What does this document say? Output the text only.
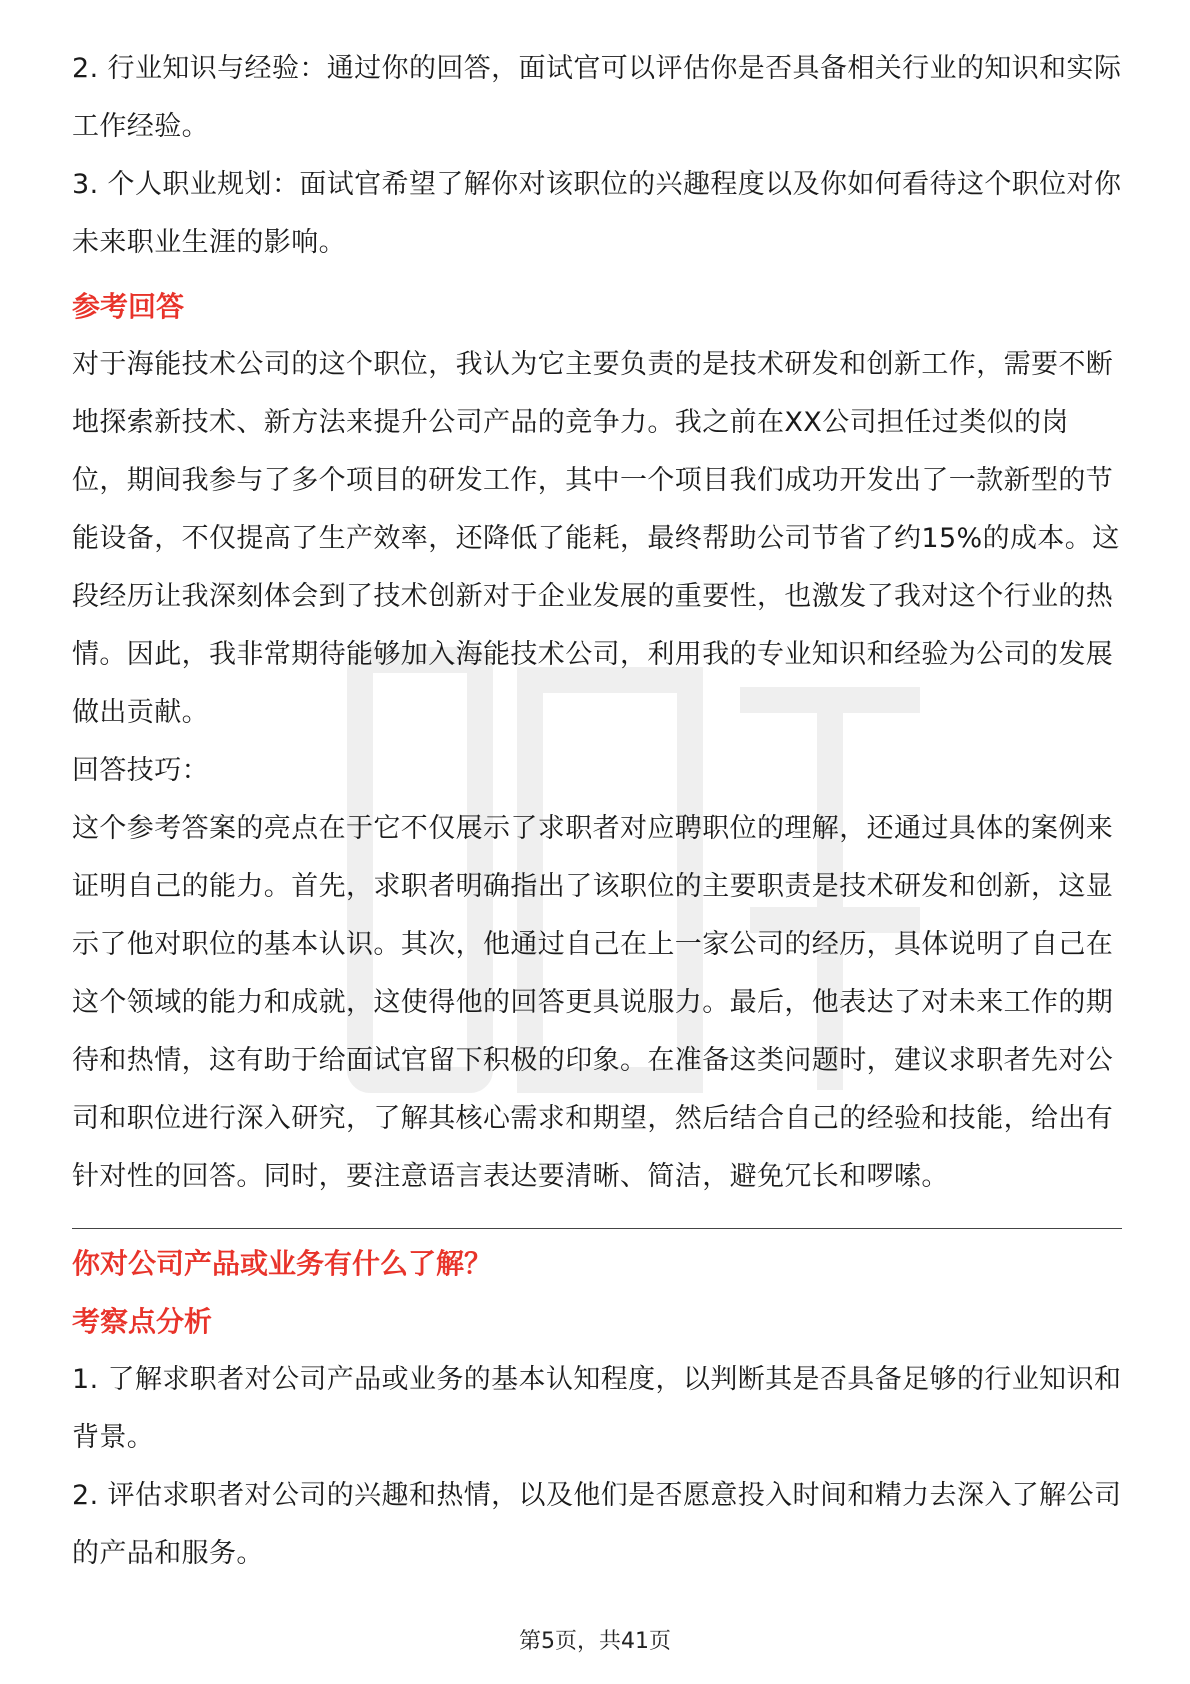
2. 行业知识与经验：通过你的回答，面试官可以评估你是否具备相关行业的知识和实际工作经验。

3. 个人职业规划：面试官希望了解你对该职位的兴趣程度以及你如何看待这个职位对你未来职业生涯的影响。

参考回答

对于海能技术公司的这个职位，我认为它主要负责的是技术研发和创新工作，需要不断地探索新技术、新方法来提升公司产品的竞争力。我之前在XX公司担任过类似的岗位，期间我参与了多个项目的研发工作，其中一个项目我们成功开发出了一款新型的节能设备，不仅提高了生产效率，还降低了能耗，最终帮助公司节省了约15%的成本。这段经历让我深刻体会到了技术创新对于企业发展的重要性，也激发了我对这个行业的热情。因此，我非常期待能够加入海能技术公司，利用我的专业知识和经验为公司的发展做出贡献。

回答技巧：

这个参考答案的亮点在于它不仅展示了求职者对应聘职位的理解，还通过具体的案例来证明自己的能力。首先，求职者明确指出了该职位的主要职责是技术研发和创新，这显示了他对职位的基本认识。其次，他通过自己在上一家公司的经历，具体说明了自己在这个领域的能力和成就，这使得他的回答更具说服力。最后，他表达了对未来工作的期待和热情，这有助于给面试官留下积极的印象。在准备这类问题时，建议求职者先对公司和职位进行深入研究，了解其核心需求和期望，然后结合自己的经验和技能，给出有针对性的回答。同时，要注意语言表达要清晰、简洁，避免冗长和啰嗦。

你对公司产品或业务有什么了解？
考察点分析

1. 了解求职者对公司产品或业务的基本认知程度，以判断其是否具备足够的行业知识和背景。

2. 评估求职者对公司的兴趣和热情，以及他们是否愿意投入时间和精力去深入了解公司的产品和服务。

第5页，共41页
